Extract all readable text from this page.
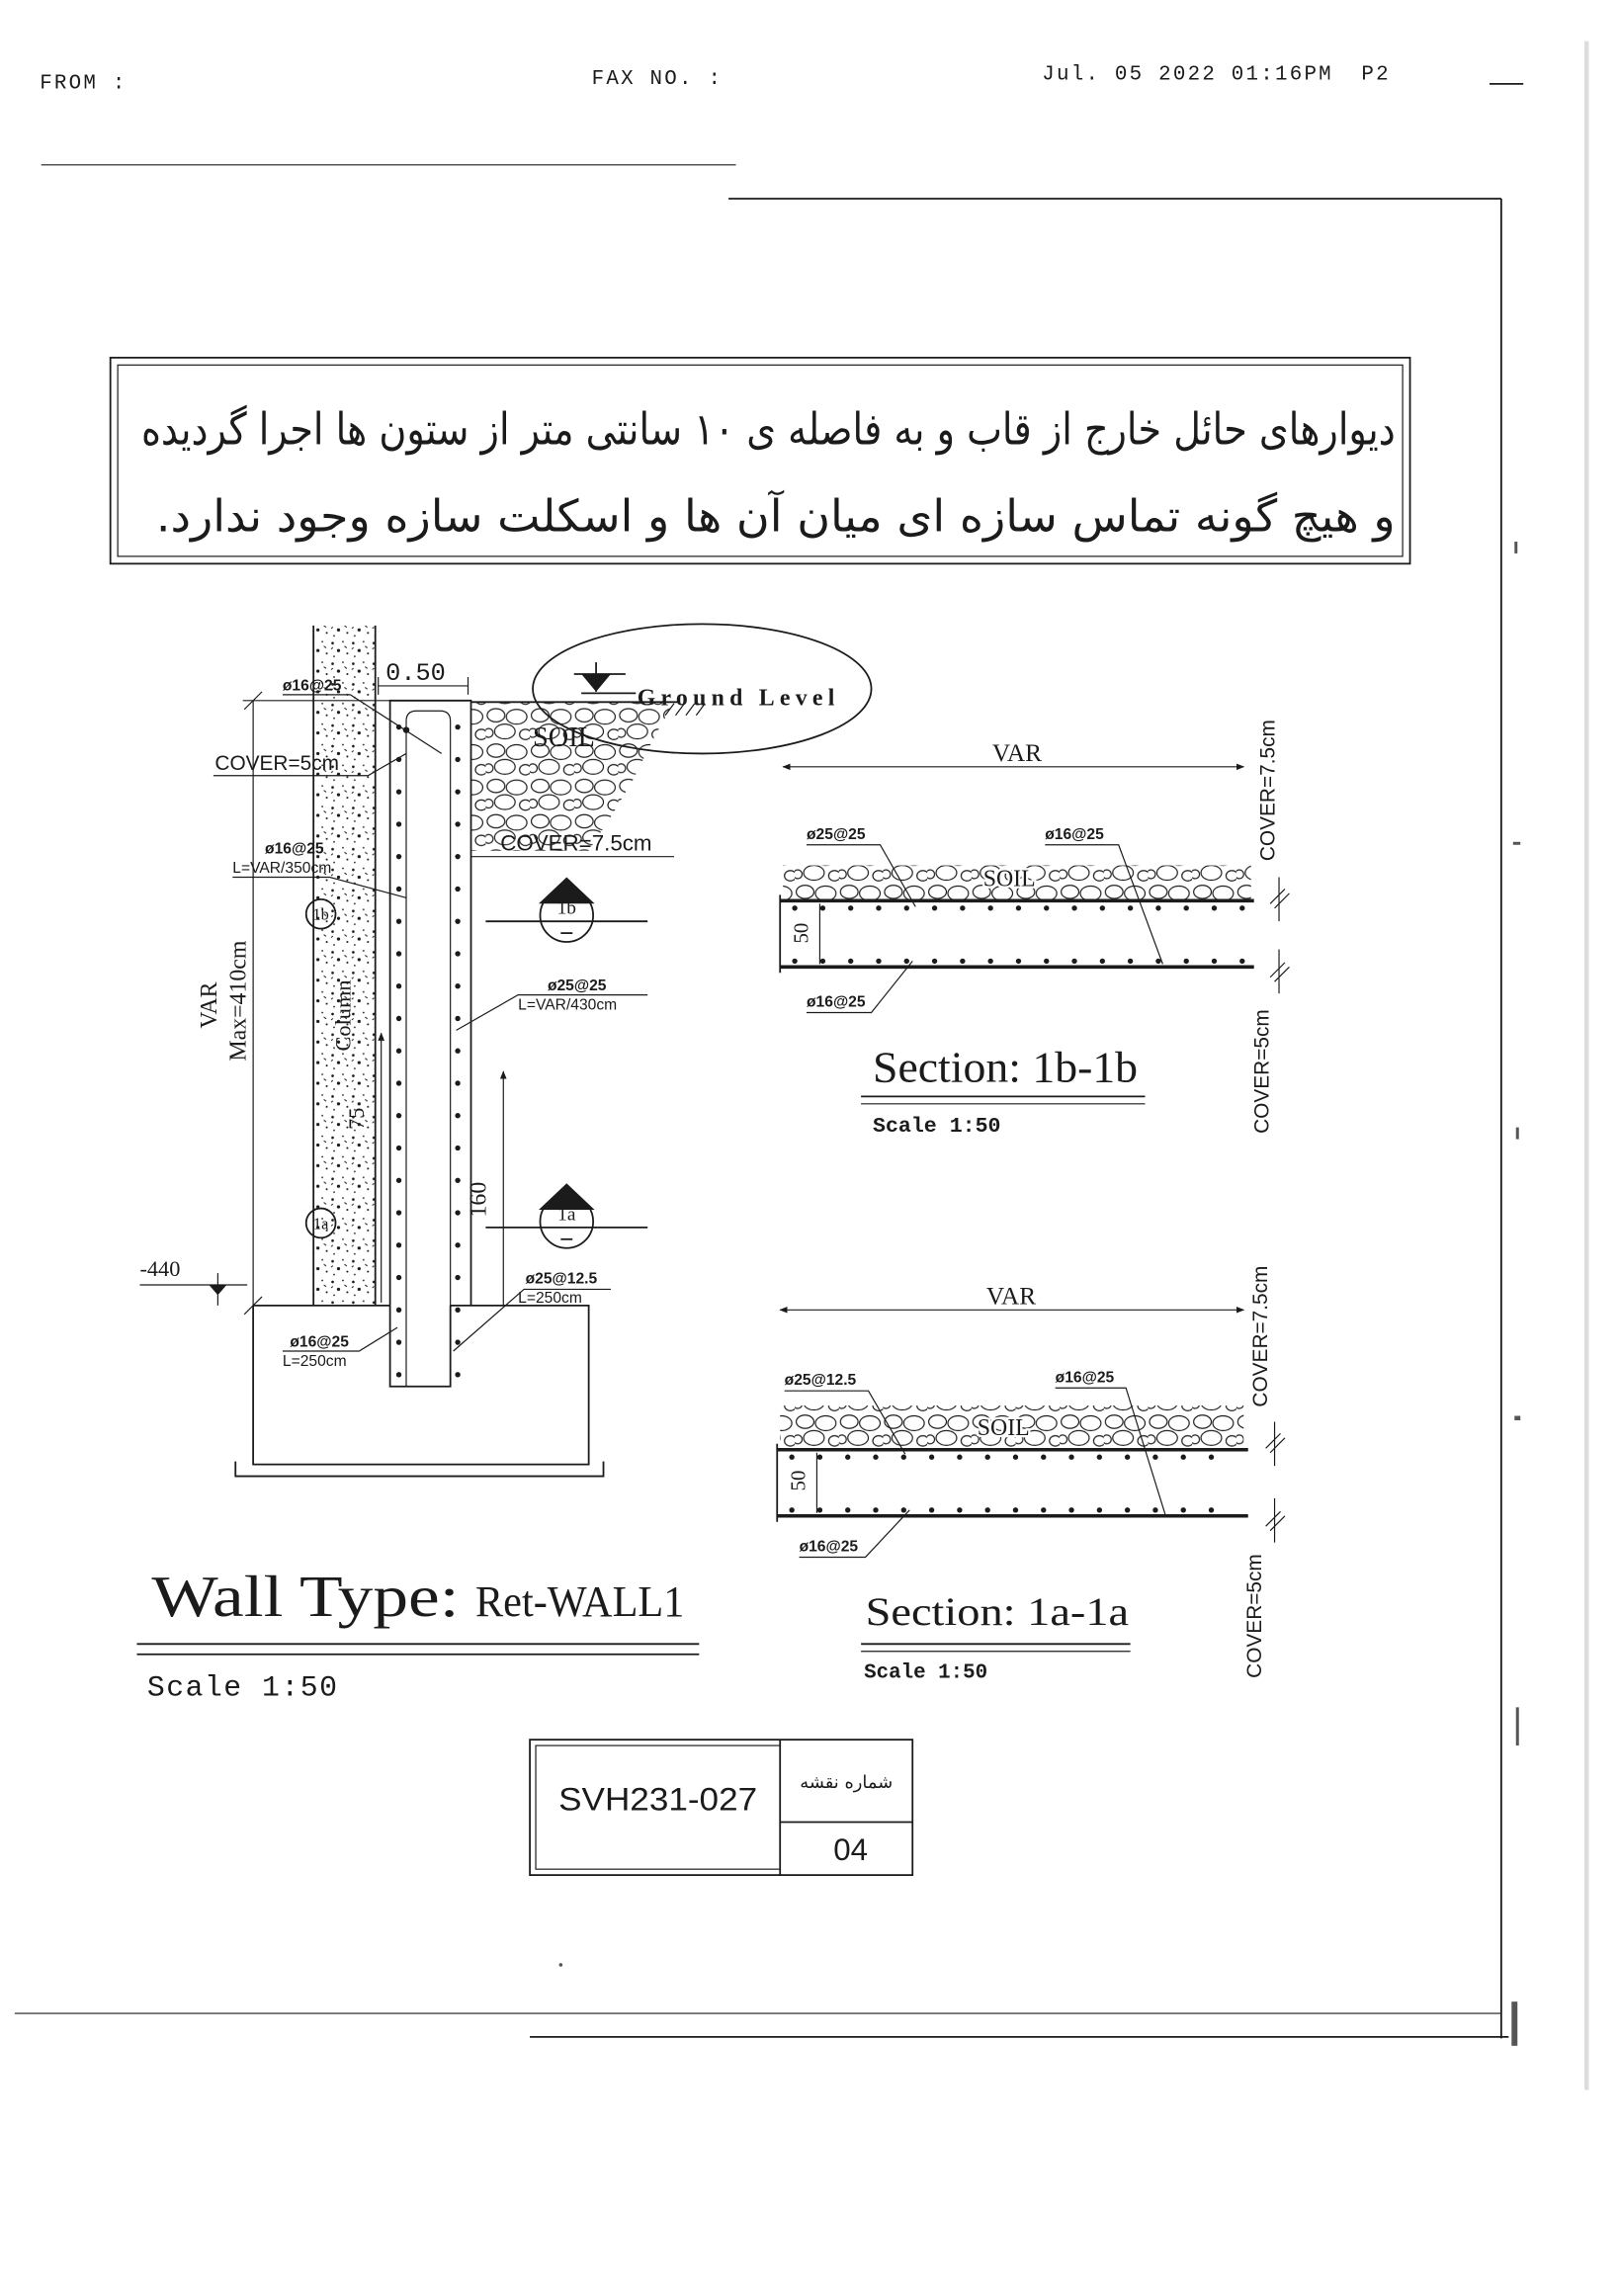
FROM :	FAX NO. :	Jul. 05 2022 01:16PM P2
دیوارهای حائل خارج از قاب و به فاصله ی ۱۰ سانتی متر از ستون ها اجرا گردیده
و هیچ گونه تماس سازه ای میان آن ها و اسکلت سازه وجود ندارد.
Column
1b
1a
75
SOIL
Ground Level
0.50
ø16@25
COVER=5cm
VAR Max=410cm
ø16@25
L=VAR/350cm
COVER=7.5cm
1b
ø25@25
L=VAR/430cm
160	1a
-440	ø25@12.5
L=250cm
ø16@25
L=250cm
Wall Type: Ret-WALL1
Scale 1:50
VAR	COVER=7.5cm
SOIL
50
ø25@25	ø16@25
ø16@25
COVER=5cm
Section: 1b-1b
Scale 1:50
VAR	COVER=7.5cm
SOIL
50
ø25@12.5	ø16@25
ø16@25
COVER=5cm
Section: 1a-1a
Scale 1:50
SVH231-027	شماره نقشه
04
